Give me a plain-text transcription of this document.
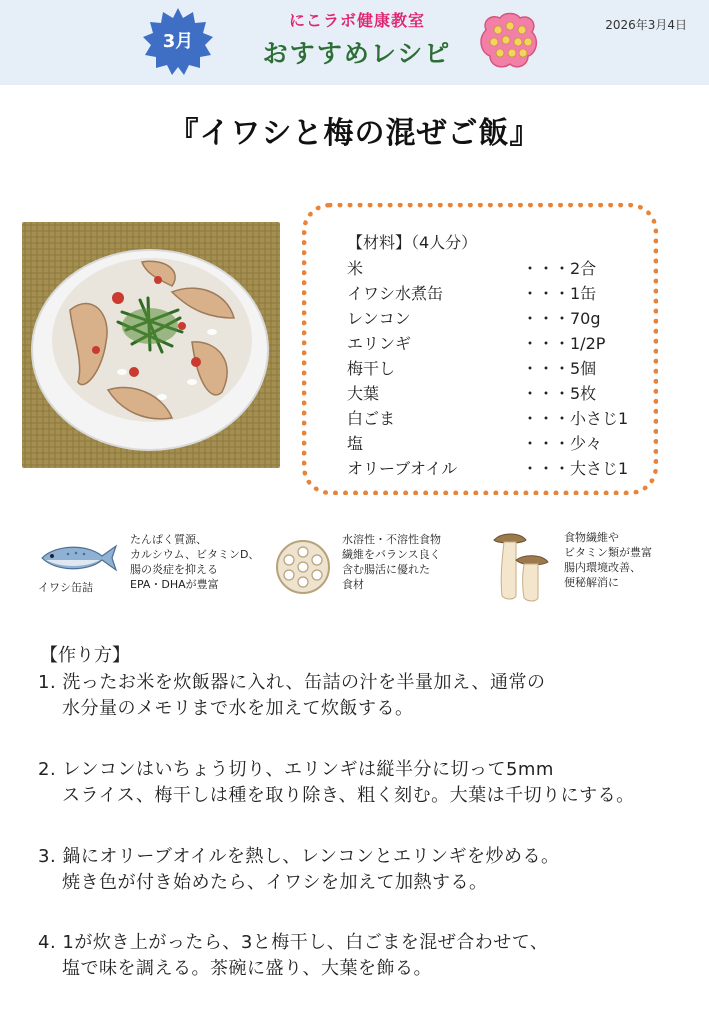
3月
にこラボ健康教室
おすすめレシピ
2026年3月4日
『イワシと梅の混ぜご飯』
【材料】（4人分）
米	・・・2合
イワシ水煮缶	・・・1缶
レンコン	・・・70g
エリンギ	・・・1/2P
梅干し	・・・5個
大葉	・・・5枚
白ごま	・・・小さじ1
塩	・・・少々
オリーブオイル	・・・大さじ1
イワシ缶詰
たんぱく質源、
カルシウム、ビタミンD、
腸の炎症を抑える
EPA・DHAが豊富
水溶性・不溶性食物
繊維をバランス良く
含む腸活に優れた
食材
食物繊維や
ビタミン類が豊富
腸内環境改善、
便秘解消に
【作り方】
1. 洗ったお米を炊飯器に入れ、缶詰の汁を半量加え、通常の
水分量のメモリまで水を加えて炊飯する。
2. レンコンはいちょう切り、エリンギは縦半分に切って5mm
スライス、梅干しは種を取り除き、粗く刻む。大葉は千切りにする。
3. 鍋にオリーブオイルを熱し、レンコンとエリンギを炒める。
焼き色が付き始めたら、イワシを加えて加熱する。
4. 1が炊き上がったら、3と梅干し、白ごまを混ぜ合わせて、
塩で味を調える。茶碗に盛り、大葉を飾る。
